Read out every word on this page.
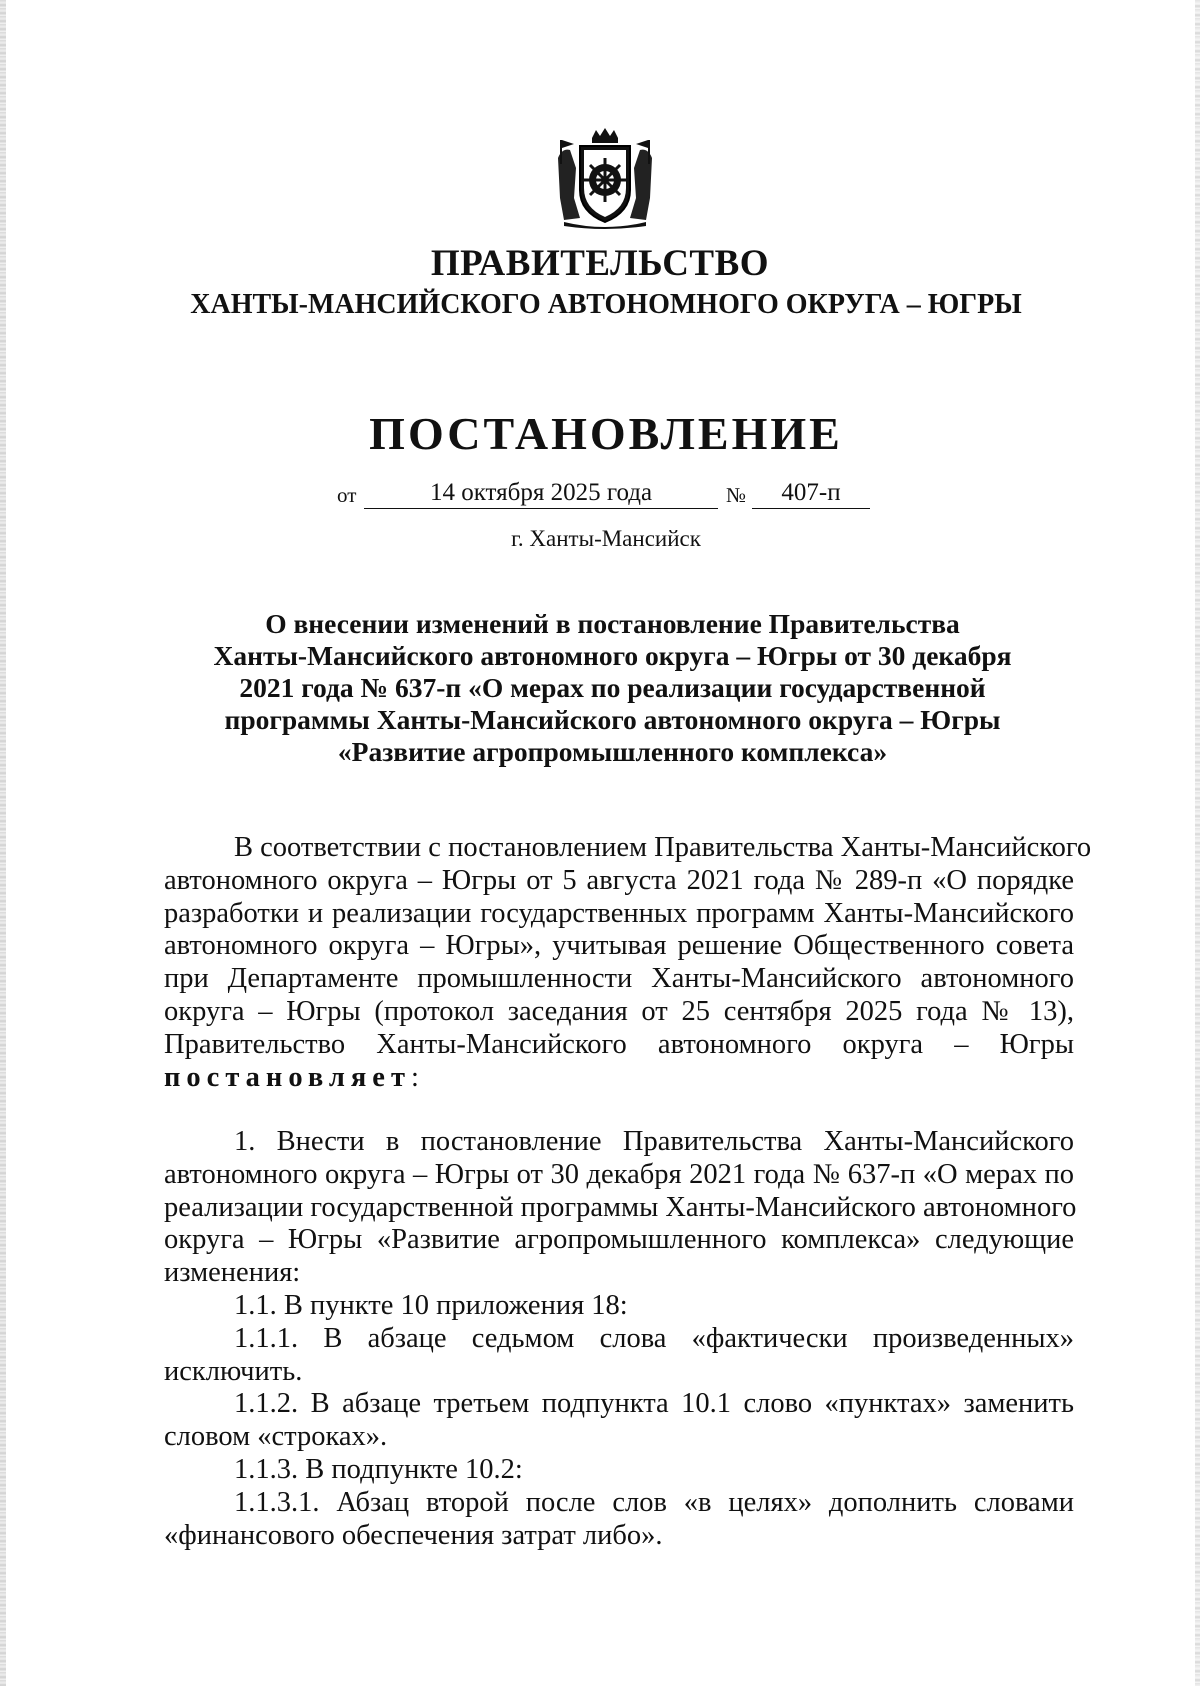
ПРАВИТЕЛЬСТВО
ХАНТЫ-МАНСИЙСКОГО АВТОНОМНОГО ОКРУГА – ЮГРЫ
ПОСТАНОВЛЕНИЕ
от	14 октября 2025 года	№	407-п
г. Ханты-Мансийск
О внесении изменений в постановление Правительства
Ханты-Мансийского автономного округа – Югры от 30 декабря
2021 года № 637-п «О мерах по реализации государственной
программы Ханты-Мансийского автономного округа – Югры
«Развитие агропромышленного комплекса»
В соответствии с постановлением Правительства Ханты-Мансийского
автономного округа – Югры от 5 августа 2021 года № 289-п «О порядке
разработки и реализации государственных программ Ханты-Мансийского
автономного округа – Югры», учитывая решение Общественного совета
при Департаменте промышленности Ханты-Мансийского автономного
округа – Югры (протокол заседания от 25 сентября 2025 года № 13),
Правительство Ханты-Мансийского автономного округа – Югры
постановляет:
1. Внести в постановление Правительства Ханты-Мансийского
автономного округа – Югры от 30 декабря 2021 года № 637-п «О мерах по
реализации государственной программы Ханты-Мансийского автономного
округа – Югры «Развитие агропромышленного комплекса» следующие
изменения:
1.1. В пункте 10 приложения 18:
1.1.1. В абзаце седьмом слова «фактически произведенных»
исключить.
1.1.2. В абзаце третьем подпункта 10.1 слово «пунктах» заменить
словом «строках».
1.1.3. В подпункте 10.2:
1.1.3.1. Абзац второй после слов «в целях» дополнить словами
«финансового обеспечения затрат либо».
